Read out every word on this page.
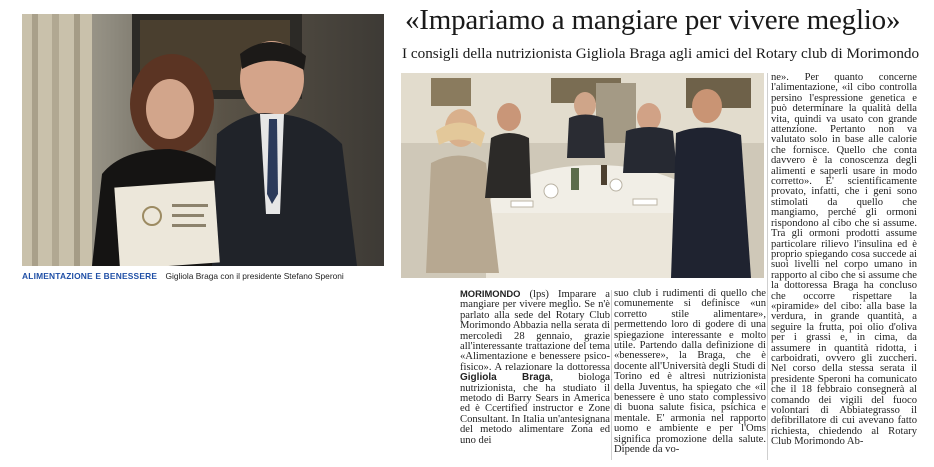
ALIMENTAZIONE E BENESSERE Gigliola Braga con il presidente Stefano Speroni
«Impariamo a mangiare per vivere meglio»
I consigli della nutrizionista Gigliola Braga agli amici del Rotary club di Morimondo

MORIMONDO (lps) Imparare a mangiare per vivere meglio. Se n'è parlato alla sede del Rotary Club Morimondo Abbazia nella serata di mercoledì 28 gennaio, grazie all'interessante trattazione del tema «Alimentazione e benessere psico-fisico». A relazionare la dottoressa Gigliola Braga, biologa nutrizionista, che ha studiato il metodo di Barry Sears in America ed è Ccertified instructor e Zone Consultant. In Italia un'antesignana del metodo alimentare Zona ed uno dei

suo club i rudimenti di quello che comunemente si definisce «un corretto stile alimentare», permettendo loro di godere di una spiegazione interessante e molto utile. Partendo dalla definizione di «benessere», la Braga, che è docente all'Università degli Studi di Torino ed è altresì nutrizionista della Juventus, ha spiegato che «il benessere è uno stato complessivo di buona salute fisica, psichica e mentale. E' armonia nel rapporto uomo e ambiente e per l'Oms significa promozione della salute. Dipende da vo-

ne». Per quanto concerne l'alimentazione, «il cibo controlla persino l'espressione genetica e può determinare la qualità della vita, quindi va usato con grande attenzione. Pertanto non va valutato solo in base alle calorie che fornisce. Quello che conta davvero è la conoscenza degli alimenti e saperli usare in modo corretto». E' scientificamente provato, infatti, che i geni sono stimolati da quello che mangiamo, perché gli ormoni rispondono al cibo che si assume. Tra gli ormoni prodotti assume particolare rilievo l'insulina ed è proprio spiegando cosa succede ai suoi livelli nel corpo umano in rapporto al cibo che si assume che la dottoressa Braga ha concluso che occorre rispettare la «piramide» del cibo: alla base la verdura, in grande quantità, a seguire la frutta, poi olio d'oliva per i grassi e, in cima, da assumere in quantità ridotta, i carboidrati, ovvero gli zuccheri. Nel corso della stessa serata il presidente Speroni ha comunicato che il 18 febbraio consegnerà al comando dei vigili del fuoco volontari di Abbiategrasso il defibrillatore di cui avevano fatto richiesta, chiedendo al Rotary Club Morimondo Ab-
